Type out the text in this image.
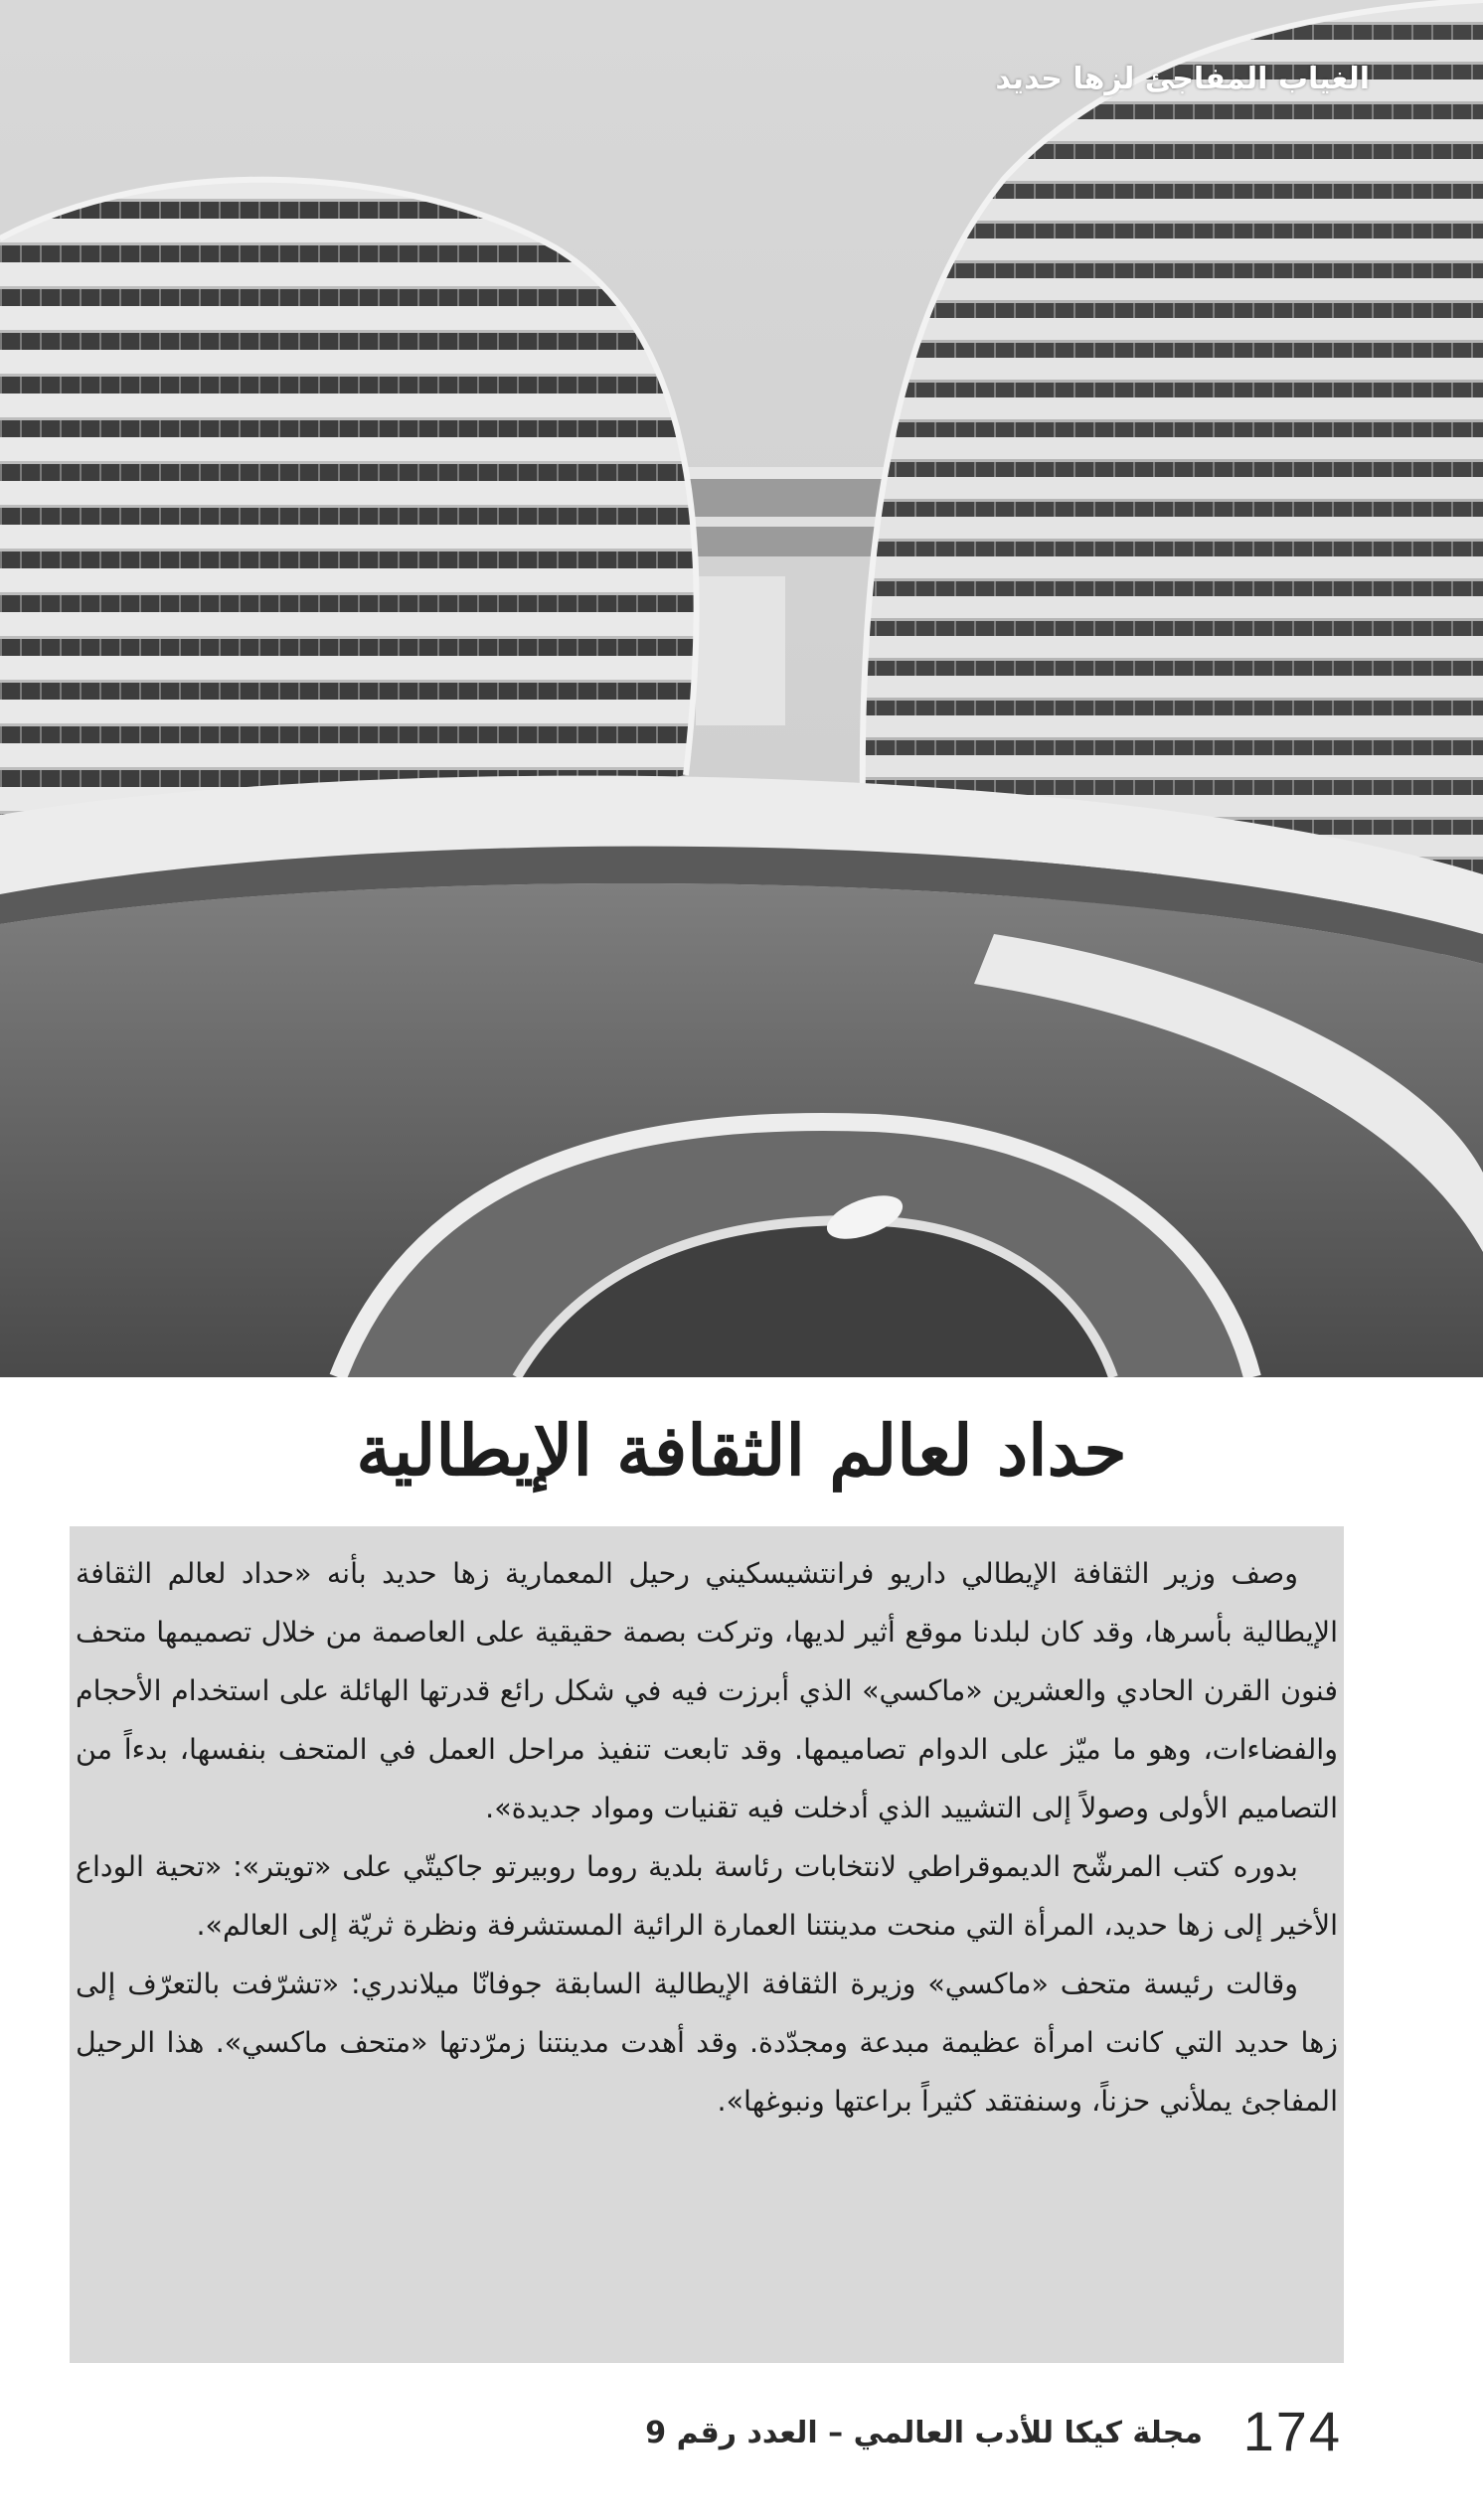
الغياب المفاجئ لزها حديد
حداد لعالم الثقافة الإيطالية

وصف وزير الثقافة الإيطالي داريو فرانتشيسكيني رحيل المعمارية زها حديد بأنه «حداد لعالم الثقافة الإيطالية بأسرها، وقد كان لبلدنا موقع أثير لديها، وتركت بصمة حقيقية على العاصمة من خلال تصميمها متحف فنون القرن الحادي والعشرين «ماكسي» الذي أبرزت فيه في شكل رائع قدرتها الهائلة على استخدام الأحجام والفضاءات، وهو ما ميّز على الدوام تصاميمها. وقد تابعت تنفيذ مراحل العمل في المتحف بنفسها، بدءاً من التصاميم الأولى وصولاً إلى التشييد الذي أدخلت فيه تقنيات ومواد جديدة».

بدوره كتب المرشّح الديموقراطي لانتخابات رئاسة بلدية روما روبيرتو جاكيتّي على «تويتر»: «تحية الوداع الأخير إلى زها حديد، المرأة التي منحت مدينتنا العمارة الرائية المستشرفة ونظرة ثريّة إلى العالم».

وقالت رئيسة متحف «ماكسي» وزيرة الثقافة الإيطالية السابقة جوفانّا ميلاندري: «تشرّفت بالتعرّف إلى زها حديد التي كانت امرأة عظيمة مبدعة ومجدّدة. وقد أهدت مدينتنا زمرّدتها «متحف ماكسي». هذا الرحيل المفاجئ يملأني حزناً، وسنفتقد كثيراً براعتها ونبوغها».

174
مجلة كيكا للأدب العالمي – العدد رقم 9
